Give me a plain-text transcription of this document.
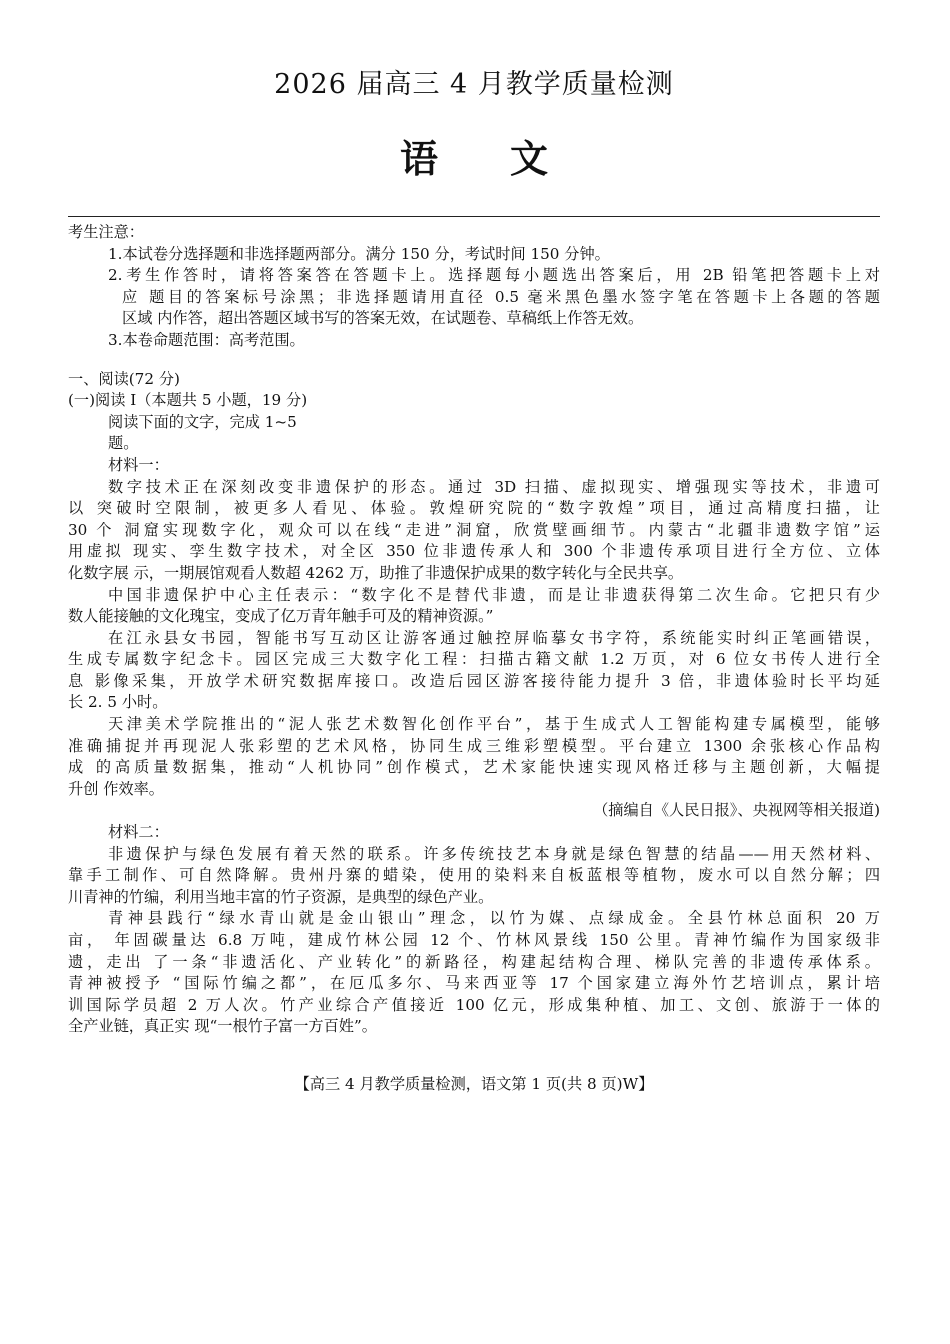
2026 届高三 4 月教学质量检测
语文
考生注意：
1.本试卷分选择题和非选择题两部分。满分 150 分，考试时间 150 分钟。
2.考生作答时，请将答案答在答题卡上。选择题每小题选出答案后，用 2B 铅笔把答题卡上对
应 题目的答案标号涂黑；非选择题请用直径 0.5 毫米黑色墨水签字笔在答题卡上各题的答题
区域 内作答，超出答题区域书写的答案无效，在试题卷、草稿纸上作答无效。
3.本卷命题范围：高考范围。
一、阅读(72 分)
(一)阅读 I（本题共 5 小题，19 分)
阅读下面的文字，完成 1~5
题。
材料一：
数字技术正在深刻改变非遗保护的形态。通过 3D 扫描、虚拟现实、增强现实等技术，非遗可
以 突破时空限制，被更多人看见、体验。敦煌研究院的“数字敦煌”项目，通过高精度扫描，让
30 个 洞窟实现数字化，观众可以在线“走进”洞窟，欣赏壁画细节。内蒙古“北疆非遗数字馆”运
用虚拟 现实、孪生数字技术，对全区 350 位非遗传承人和 300 个非遗传承项目进行全方位、立体
化数字展 示，一期展馆观看人数超 4262 万，助推了非遗保护成果的数字转化与全民共享。
中国非遗保护中心主任表示：“数字化不是替代非遗，而是让非遗获得第二次生命。它把只有少
数人能接触的文化瑰宝，变成了亿万青年触手可及的精神资源。”
在江永县女书园，智能书写互动区让游客通过触控屏临摹女书字符，系统能实时纠正笔画错误，
生成专属数字纪念卡。园区完成三大数字化工程：扫描古籍文献 1.2 万页，对 6 位女书传人进行全
息 影像采集，开放学术研究数据库接口。改造后园区游客接待能力提升 3 倍，非遗体验时长平均延
长 2. 5 小时。
天津美术学院推出的“泥人张艺术数智化创作平台”，基于生成式人工智能构建专属模型，能够
准确捕捉并再现泥人张彩塑的艺术风格，协同生成三维彩塑模型。平台建立 1300 余张核心作品构
成 的高质量数据集，推动“人机协同”创作模式，艺术家能快速实现风格迁移与主题创新，大幅提
升创 作效率。
（摘编自《人民日报》、央视网等相关报道)
材料二：
非遗保护与绿色发展有着天然的联系。许多传统技艺本身就是绿色智慧的结晶——用天然材料、
靠手工制作、可自然降解。贵州丹寨的蜡染，使用的染料来自板蓝根等植物，废水可以自然分解；四
川青神的竹编，利用当地丰富的竹子资源，是典型的绿色产业。
青神县践行“绿水青山就是金山银山”理念，以竹为媒、点绿成金。全县竹林总面积 20 万
亩， 年固碳量达 6.8 万吨，建成竹林公园 12 个、竹林风景线 150 公里。青神竹编作为国家级非
遗，走出 了一条“非遗活化、产业转化”的新路径，构建起结构合理、梯队完善的非遗传承体系。
青神被授予 “国际竹编之都”，在厄瓜多尔、马来西亚等 17 个国家建立海外竹艺培训点，累计培
训国际学员超 2 万人次。竹产业综合产值接近 100 亿元，形成集种植、加工、文创、旅游于一体的
全产业链，真正实 现“一根竹子富一方百姓”。
【高三 4 月教学质量检测，语文第 1 页(共 8 页)W】
